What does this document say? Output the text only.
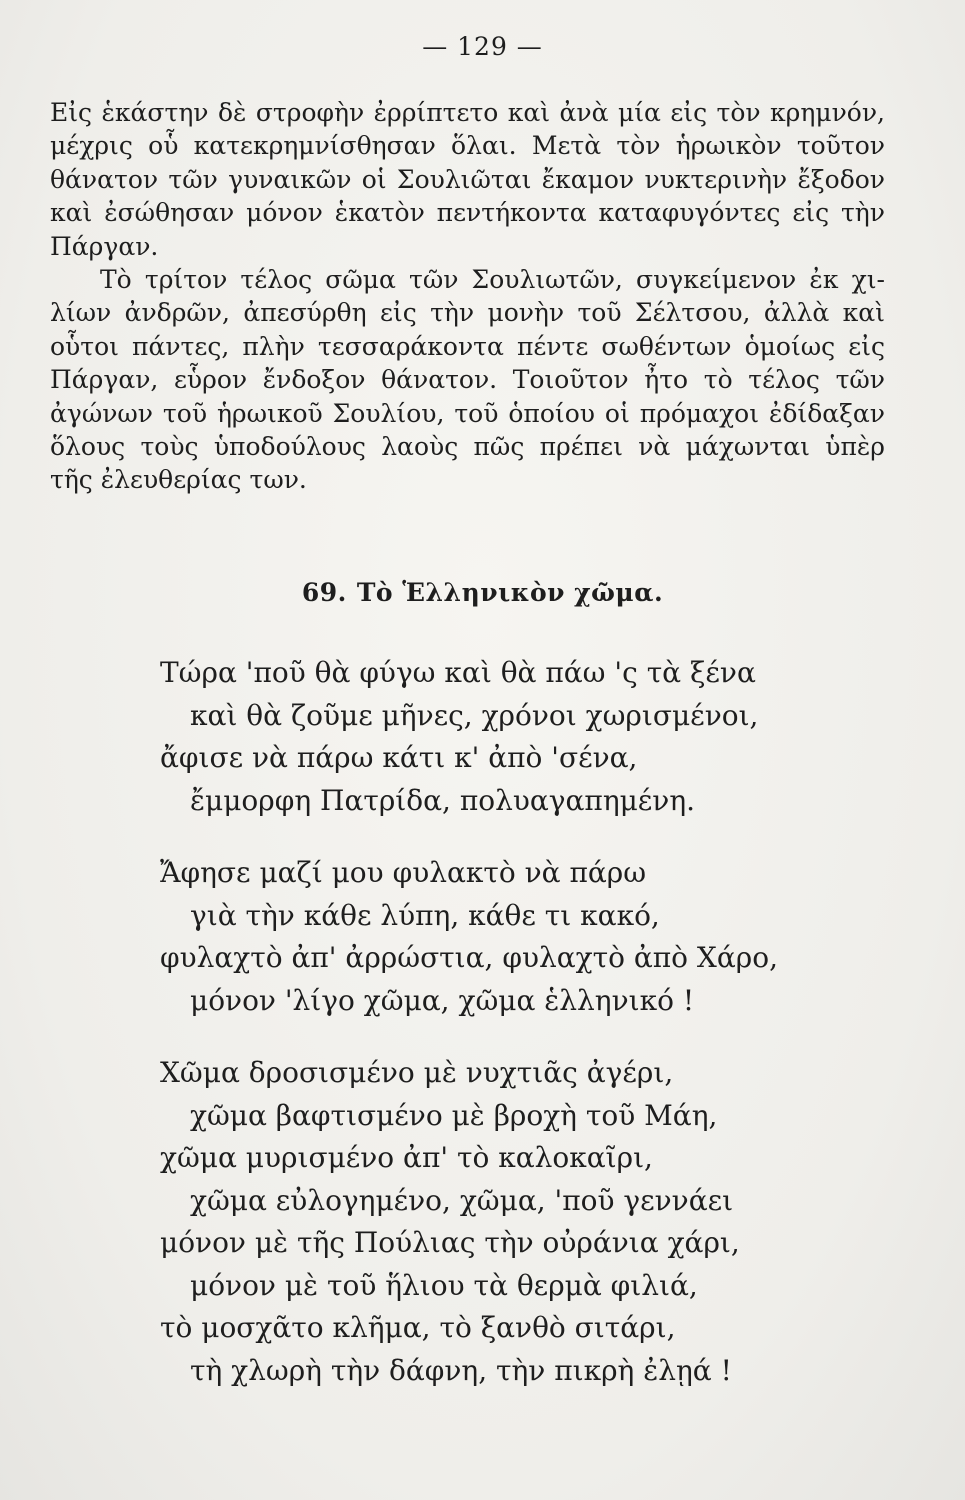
— 129 —
Εἰς ἑκάστην δὲ στροφὴν ἐρρίπτετο καὶ ἀνὰ μία εἰς τὸν κρημνόν,
μέχρις οὗ κατεκρημνίσθησαν ὅλαι. Μετὰ τὸν ἡρωικὸν τοῦτον
θάνατον τῶν γυναικῶν οἱ Σουλιῶται ἔκαμον νυκτερινὴν ἔξοδον
καὶ ἐσώθησαν μόνον ἑκατὸν πεντήκοντα καταφυγόντες εἰς τὴν
Πάργαν.
Τὸ τρίτον τέλος σῶμα τῶν Σουλιωτῶν, συγκείμενον ἐκ χι-
λίων ἀνδρῶν, ἀπεσύρθη εἰς τὴν μονὴν τοῦ Σέλτσου, ἀλλὰ καὶ
οὗτοι πάντες, πλὴν τεσσαράκοντα πέντε σωθέντων ὁμοίως εἰς
Πάργαν, εὗρον ἔνδοξον θάνατον. Τοιοῦτον ἦτο τὸ τέλος τῶν
ἀγώνων τοῦ ἡρωικοῦ Σουλίου, τοῦ ὁποίου οἱ πρόμαχοι ἐδίδαξαν
ὅλους τοὺς ὑποδούλους λαοὺς πῶς πρέπει νὰ μάχωνται ὑπὲρ
τῆς ἐλευθερίας των.
69. Τὸ Ἑλληνικὸν χῶμα.
Τώρα 'ποῦ θὰ φύγω καὶ θὰ πάω 'ς τὰ ξένα
καὶ θὰ ζοῦμε μῆνες, χρόνοι χωρισμένοι,
ἄφισε νὰ πάρω κάτι κ' ἀπὸ 'σένα,
ἔμμορφη Πατρίδα, πολυαγαπημένη.
Ἄφησε μαζί μου φυλακτὸ νὰ πάρω
γιὰ τὴν κάθε λύπη, κάθε τι κακό,
φυλαχτὸ ἀπ' ἀρρώστια, φυλαχτὸ ἀπὸ Χάρο,
μόνον 'λίγο χῶμα, χῶμα ἑλληνικό !
Χῶμα δροσισμένο μὲ νυχτιᾶς ἀγέρι,
χῶμα βαφτισμένο μὲ βροχὴ τοῦ Μάη,
χῶμα μυρισμένο ἀπ' τὸ καλοκαῖρι,
χῶμα εὐλογημένο, χῶμα, 'ποῦ γεννάει
μόνον μὲ τῆς Πούλιας τὴν οὐράνια χάρι,
μόνον μὲ τοῦ ἥλιου τὰ θερμὰ φιλιά,
τὸ μοσχᾶτο κλῆμα, τὸ ξανθὸ σιτάρι,
τὴ χλωρὴ τὴν δάφνη, τὴν πικρὴ ἐλῃά !
